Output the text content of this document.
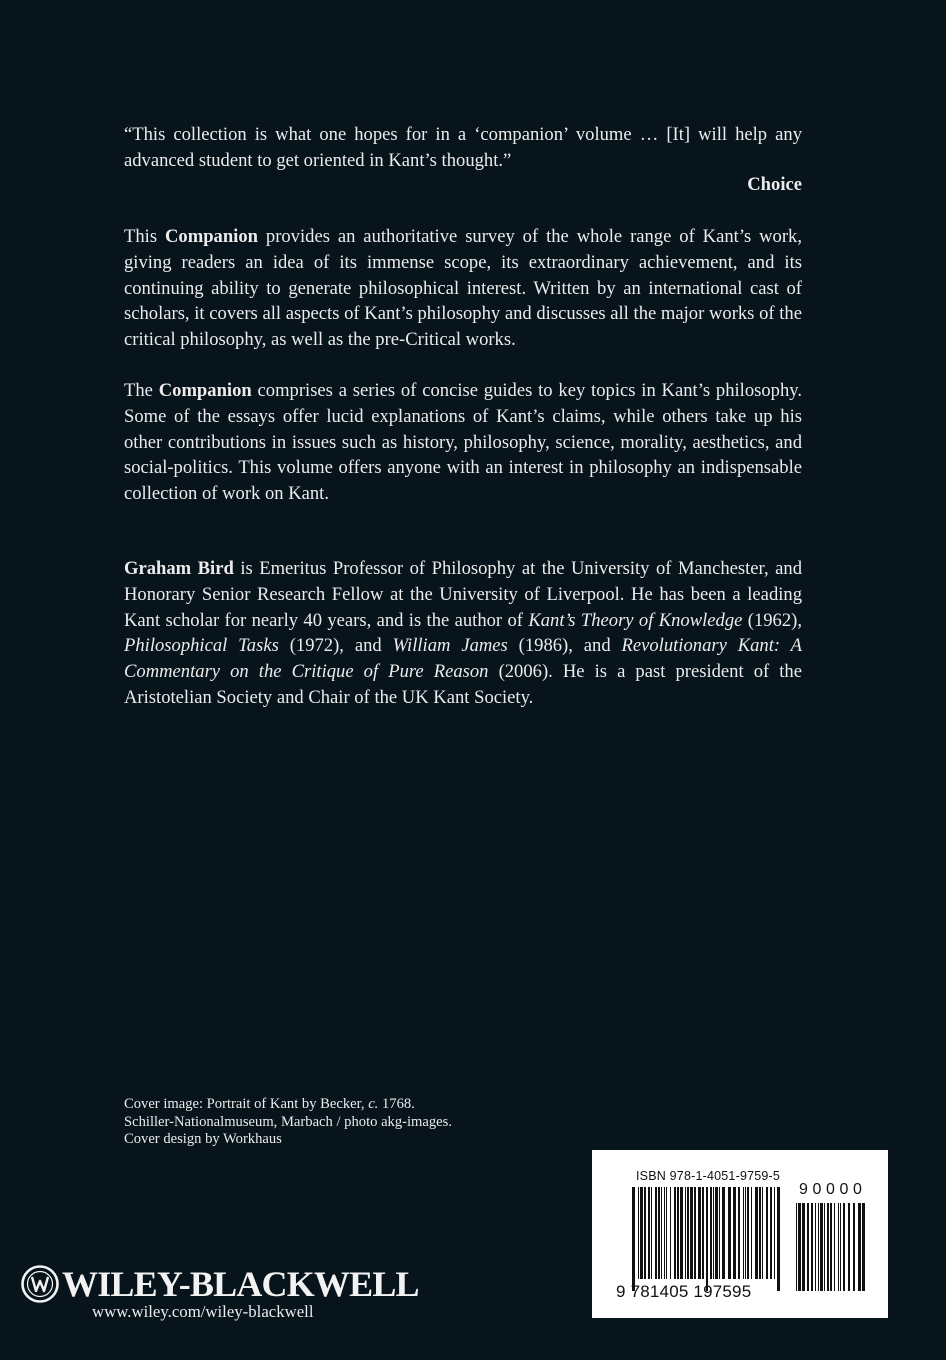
“This collection is what one hopes for in a ‘companion’ volume … [It] will help any advanced student to get oriented in Kant’s thought.”

Choice

This Companion provides an authoritative survey of the whole range of Kant’s work, giving readers an idea of its immense scope, its extraordinary achievement, and its continuing ability to generate philosophical interest. Written by an international cast of scholars, it covers all aspects of Kant’s philosophy and discusses all the major works of the critical philosophy, as well as the pre-Critical works.

The Companion comprises a series of concise guides to key topics in Kant’s philosophy. Some of the essays offer lucid explanations of Kant’s claims, while others take up his other contributions in issues such as history, philosophy, science, morality, aesthetics, and social-politics. This volume offers anyone with an interest in philosophy an indispensable collection of work on Kant.

Graham Bird is Emeritus Professor of Philosophy at the University of Manchester, and Honorary Senior Research Fellow at the University of Liverpool. He has been a leading Kant scholar for nearly 40 years, and is the author of Kant’s Theory of Knowledge (1962), Philosophical Tasks (1972), and William James (1986), and Revolutionary Kant: A Commentary on the Critique of Pure Reason (2006). He is a past president of the Aristotelian Society and Chair of the UK Kant Society.

Cover image: Portrait of Kant by Becker, c. 1768.
Schiller-Nationalmuseum, Marbach / photo akg-images.
Cover design by Workhaus
WILEY-BLACKWELL
www.wiley.com/wiley-blackwell
ISBN 978-1-4051-9759-5
90000
9 781405 197595
